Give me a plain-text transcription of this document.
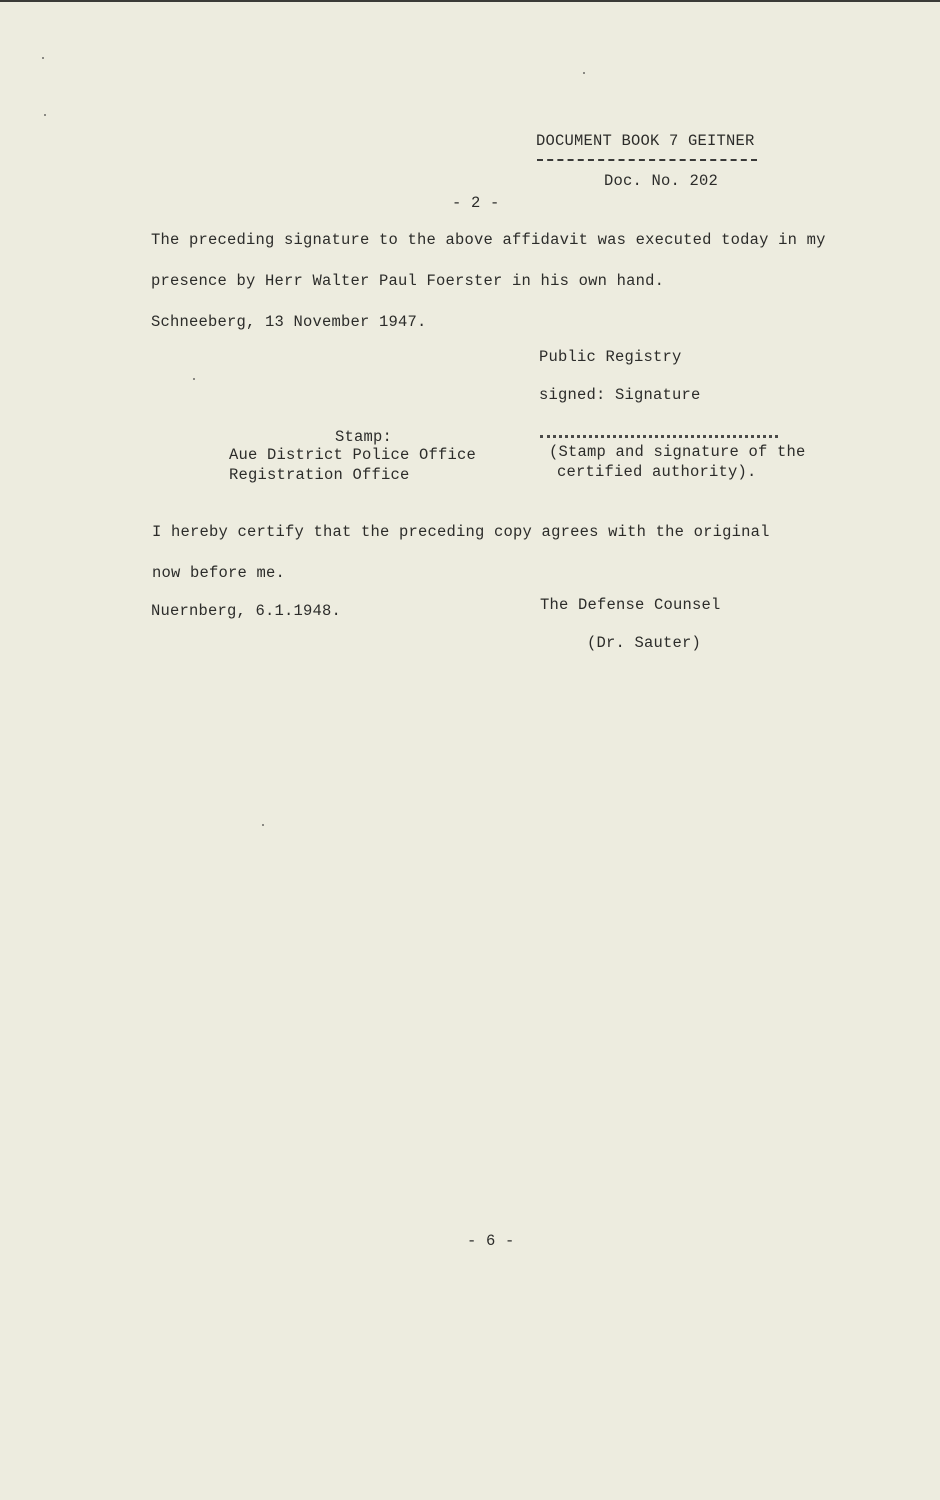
DOCUMENT BOOK 7 GEITNER
Doc. No. 202
- 2 -
The preceding signature to the above affidavit was executed today in my
presence by Herr Walter Paul Foerster in his own hand.
Schneeberg, 13 November 1947.
Public Registry
signed: Signature
Stamp:
Aue District Police Office
Registration Office
(Stamp and signature of the
certified authority).
I hereby certify that the preceding copy agrees with the original
now before me.
Nuernberg, 6.1.1948.	The Defense Counsel
(Dr. Sauter)
- 6 -
